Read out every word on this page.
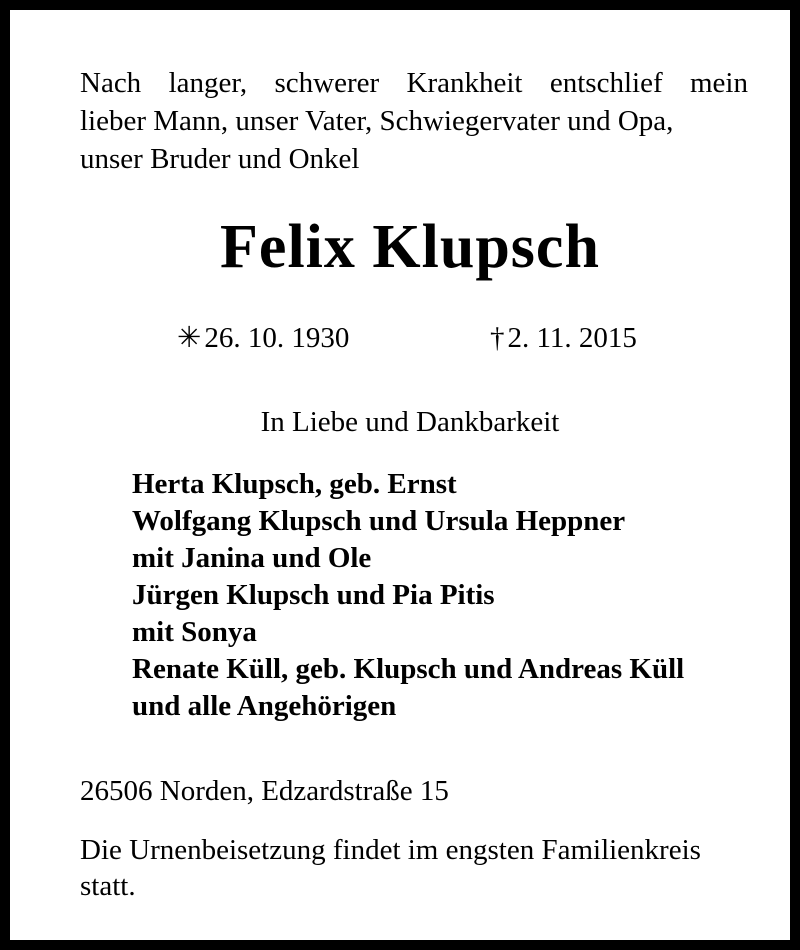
Nach langer, schwerer Krankheit entschlief mein
lieber Mann, unser Vater, Schwiegervater und Opa,
unser Bruder und Onkel
Felix Klupsch
✳ 26. 10. 1930	† 2. 11. 2015
In Liebe und Dankbarkeit
Herta Klupsch, geb. Ernst
Wolfgang Klupsch und Ursula Heppner
mit Janina und Ole
Jürgen Klupsch und Pia Pitis
mit Sonya
Renate Küll, geb. Klupsch und Andreas Küll
und alle Angehörigen
26506 Norden, Edzardstraße 15
Die Urnenbeisetzung findet im engsten Familienkreis
statt.
